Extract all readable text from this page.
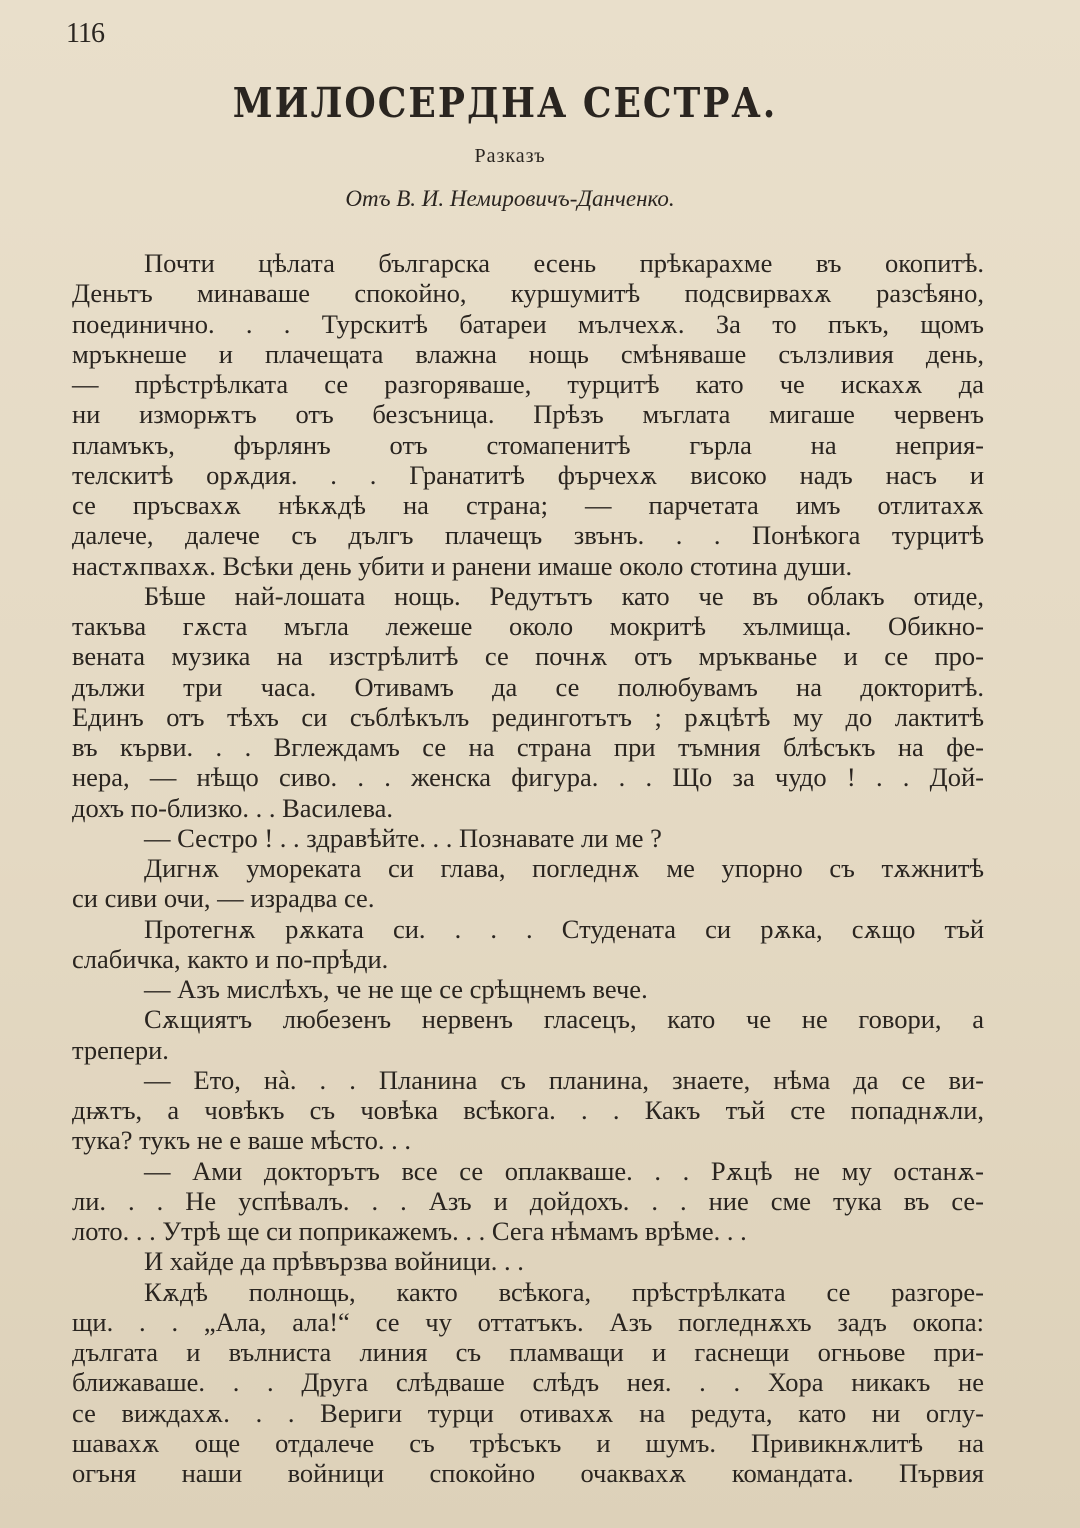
116
МИЛОСЕРДНА СЕСТРА.
Разказъ
Отъ В. И. Немировичъ-Данченко.
Почти цѣлата българска есень прѣкарахме въ окопитѣ.
Деньтъ минаваше спокойно, куршумитѣ подсвирвахѫ разсѣяно,
поединично. . . Турскитѣ батареи мълчехѫ. За то пъкъ, щомъ
мръкнеше и плачещата влажна нощь смѣняваше сълзливия день,
— прѣстрѣлката се разгоряваше, турцитѣ като че искахѫ да
ни изморѭтъ отъ безсъница. Прѣзъ мъглата мигаше червенъ
пламъкъ, фърлянъ отъ стомапенитѣ гърла на неприя-
телскитѣ орѫдия. . . Гранатитѣ фърчехѫ високо надъ насъ и
се пръсвахѫ нѣкѫдѣ на страна; — парчетата имъ отлитахѫ
далече, далече съ дългъ плачещъ звънъ. . . Понѣкога турцитѣ
настѫпвахѫ. Всѣки день убити и ранени имаше около стотина души.
Бѣше най-лошата нощь. Редутътъ като че въ облакъ отиде,
такъва гѫста мъгла лежеше около мокритѣ хълмища. Обикно-
вената музика на изстрѣлитѣ се почнѫ отъ мръкванье и се про-
дължи три часа. Отивамъ да се полюбувамъ на докторитѣ.
Единъ отъ тѣхъ си съблѣкълъ рединготътъ ; рѫцѣтѣ му до лактитѣ
въ кърви. . . Вглеждамъ се на страна при тъмния блѣсъкъ на фе-
нера, — нѣщо сиво. . . женска фигура. . . Що за чудо ! . . Дой-
дохъ по-близко. . . Василева.
— Сестро ! . . здравѣйте. . . Познавате ли ме ?
Дигнѫ умореката си глава, погледнѫ ме упорно съ тѫжнитѣ
си сиви очи, — израдва се.
Протегнѫ рѫката си. . . . Студената си рѫка, сѫщо тъй
слабичка, както и по-прѣди.
— Азъ мислѣхъ, че не ще се срѣщнемъ вече.
Сѫщиятъ любезенъ нервенъ гласецъ, като че не говори, а
трепери.
— Ето, нà. . . Планина съ планина, знаете, нѣма да се ви-
дѭтъ, а човѣкъ съ човѣка всѣкога. . . Какъ тъй сте попаднѫли,
тука? тукъ не е ваше мѣсто. . .
— Ами докторътъ все се оплакваше. . . Рѫцѣ не му останѫ-
ли. . . Не успѣвалъ. . . Азъ и дойдохъ. . . ние сме тука въ се-
лото. . . Утрѣ ще си поприкажемъ. . . Сега нѣмамъ врѣме. . .
И хайде да прѣвързва войници. . .
Кѫдѣ полнощь, както всѣкога, прѣстрѣлката се разгоре-
щи. . . „Ала, ала!“ се чу оттатъкъ. Азъ погледнѫхъ задъ окопа:
дългата и вълниста линия съ пламващи и гаснещи огньове при-
ближаваше. . . Друга слѣдваше слѣдъ нея. . . Хора никакъ не
се виждахѫ. . . Вериги турци отивахѫ на редута, като ни оглу-
шавахѫ още отдалече съ трѣсъкъ и шумъ. Привикнѫлитѣ на
огъня наши войници спокойно очаквахѫ командата. Първия
